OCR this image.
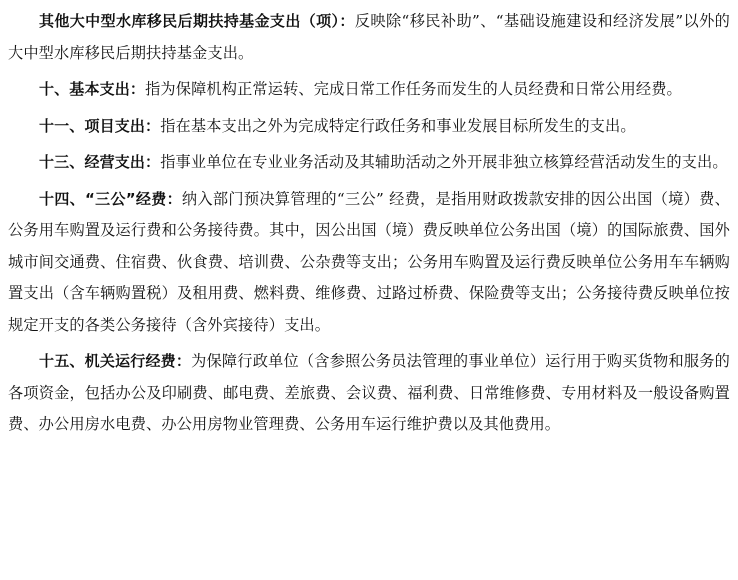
其他大中型水库移民后期扶持基金支出（项）：反映除“移民补助”、“基础设施建设和经济发展”以外的大中型水库移民后期扶持基金支出。

十、基本支出：指为保障机构正常运转、完成日常工作任务而发生的人员经费和日常公用经费。

十一、项目支出：指在基本支出之外为完成特定行政任务和事业发展目标所发生的支出。

十三、经营支出：指事业单位在专业业务活动及其辅助活动之外开展非独立核算经营活动发生的支出。

十四、“三公”经费：纳入部门预决算管理的“三公” 经费，是指用财政拨款安排的因公出国（境）费、公务用车购置及运行费和公务接待费。其中，因公出国（境）费反映单位公务出国（境）的国际旅费、国外城市间交通费、住宿费、伙食费、培训费、公杂费等支出；公务用车购置及运行费反映单位公务用车车辆购置支出（含车辆购置税）及租用费、燃料费、维修费、过路过桥费、保险费等支出；公务接待费反映单位按规定开支的各类公务接待（含外宾接待）支出。

十五、机关运行经费：为保障行政单位（含参照公务员法管理的事业单位）运行用于购买货物和服务的各项资金，包括办公及印刷费、邮电费、差旅费、会议费、福利费、日常维修费、专用材料及一般设备购置费、办公用房水电费、办公用房物业管理费、公务用车运行维护费以及其他费用。
